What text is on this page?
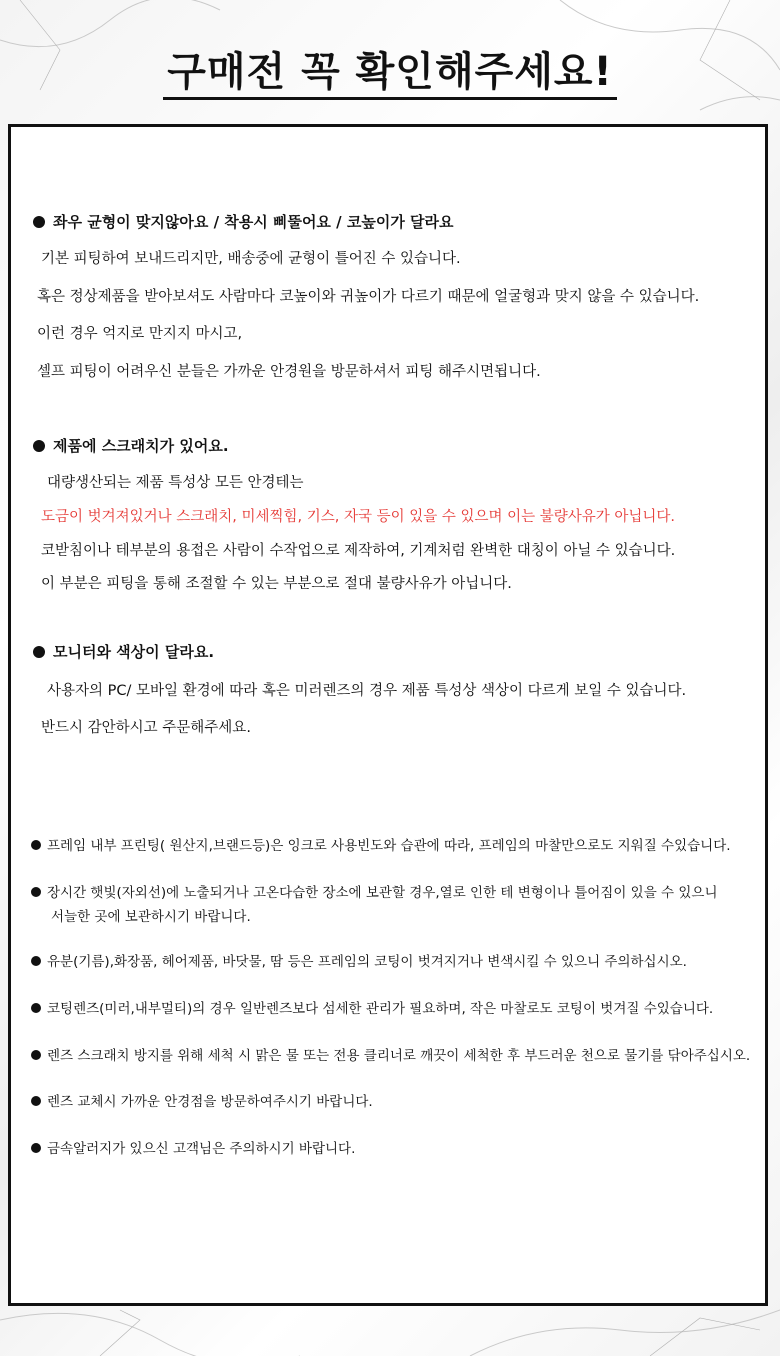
구매전 꼭 확인해주세요!
좌우 균형이 맞지않아요 / 착용시 삐뚤어요 / 코높이가 달라요
기본 피팅하여 보내드리지만, 배송중에 균형이 틀어진 수 있습니다.
혹은 정상제품을 받아보셔도 사람마다 코높이와 귀높이가 다르기 때문에 얼굴형과 맞지 않을 수 있습니다.
이런 경우 억지로 만지지 마시고,
셀프 피팅이 어려우신 분들은 가까운 안경원을 방문하셔서 피팅 해주시면됩니다.
제품에 스크래치가 있어요.
대량생산되는 제품 특성상 모든 안경테는
도금이 벗겨져있거나 스크래치, 미세찍힘, 기스, 자국 등이 있을 수 있으며 이는 불량사유가 아닙니다.
코받침이나 테부분의 용접은 사람이 수작업으로 제작하여, 기계처럼 완벽한 대칭이 아닐 수 있습니다.
이 부분은 피팅을 통해 조절할 수 있는 부분으로 절대 불량사유가 아닙니다.
모니터와 색상이 달라요.
사용자의 PC/ 모바일 환경에 따라 혹은 미러렌즈의 경우 제품 특성상 색상이 다르게 보일 수 있습니다.
반드시 감안하시고 주문해주세요.
프레임 내부 프린팅( 원산지,브랜드등)은 잉크로 사용빈도와 습관에 따라, 프레임의 마찰만으로도 지워질 수있습니다.
장시간 햇빛(자외선)에 노출되거나 고온다습한 장소에 보관할 경우,열로 인한 테 변형이나 틀어짐이 있을 수 있으니
서늘한 곳에 보관하시기 바랍니다.
유분(기름),화장품, 헤어제품, 바닷물, 땀 등은 프레임의 코팅이 벗겨지거나 변색시킬 수 있으니 주의하십시오.
코팅렌즈(미러,내부멀티)의 경우 일반렌즈보다 섬세한 관리가 필요하며, 작은 마찰로도 코팅이 벗겨질 수있습니다.
렌즈 스크래치 방지를 위해 세척 시 맑은 물 또는 전용 클리너로 깨끗이 세척한 후 부드러운 천으로 물기를 닦아주십시오.
렌즈 교체시 가까운 안경점을 방문하여주시기 바랍니다.
금속알러지가 있으신 고객님은 주의하시기 바랍니다.
